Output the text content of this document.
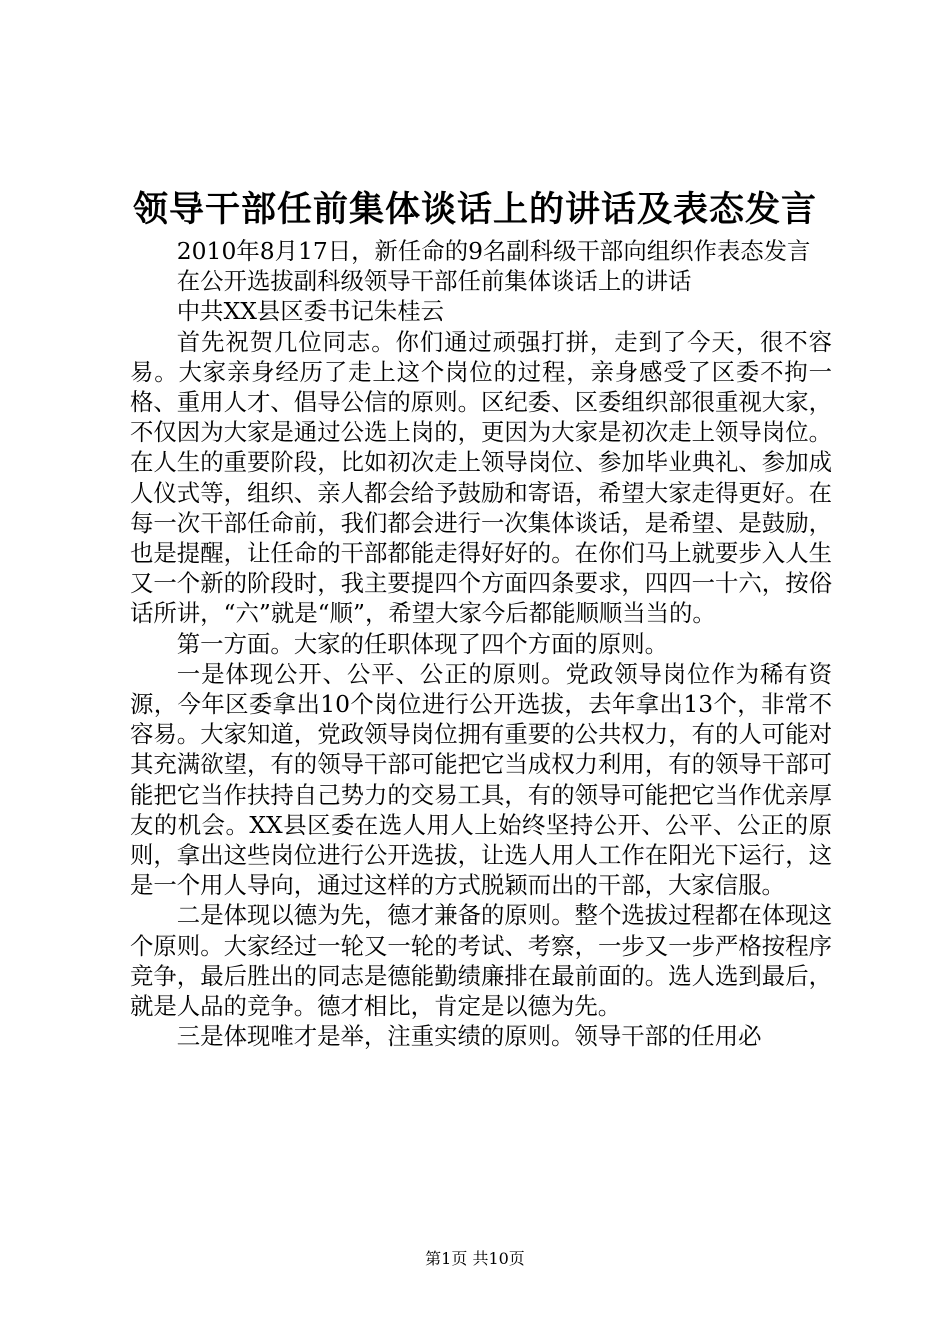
领导干部任前集体谈话上的讲话及表态发言

2010年8月17日，新任命的9名副科级干部向组织作表态发言

在公开选拔副科级领导干部任前集体谈话上的讲话

中共XX县区委书记朱桂云

首先祝贺几位同志。你们通过顽强打拼，走到了今天，很不容易。大家亲身经历了走上这个岗位的过程，亲身感受了区委不拘一格、重用人才、倡导公信的原则。区纪委、区委组织部很重视大家，不仅因为大家是通过公选上岗的，更因为大家是初次走上领导岗位。在人生的重要阶段，比如初次走上领导岗位、参加毕业典礼、参加成人仪式等，组织、亲人都会给予鼓励和寄语，希望大家走得更好。在每一次干部任命前，我们都会进行一次集体谈话，是希望、是鼓励，也是提醒，让任命的干部都能走得好好的。在你们马上就要步入人生又一个新的阶段时，我主要提四个方面四条要求，四四一十六，按俗话所讲，“六”就是“顺”，希望大家今后都能顺顺当当的。

第一方面。大家的任职体现了四个方面的原则。

一是体现公开、公平、公正的原则。党政领导岗位作为稀有资源，今年区委拿出10个岗位进行公开选拔，去年拿出13个，非常不容易。大家知道，党政领导岗位拥有重要的公共权力，有的人可能对其充满欲望，有的领导干部可能把它当成权力利用，有的领导干部可能把它当作扶持自己势力的交易工具，有的领导可能把它当作优亲厚友的机会。XX县区委在选人用人上始终坚持公开、公平、公正的原则，拿出这些岗位进行公开选拔，让选人用人工作在阳光下运行，这是一个用人导向，通过这样的方式脱颖而出的干部，大家信服。

二是体现以德为先，德才兼备的原则。整个选拔过程都在体现这个原则。大家经过一轮又一轮的考试、考察，一步又一步严格按程序竞争，最后胜出的同志是德能勤绩廉排在最前面的。选人选到最后，就是人品的竞争。德才相比，肯定是以德为先。

三是体现唯才是举，注重实绩的原则。领导干部的任用必

第1页 共10页
